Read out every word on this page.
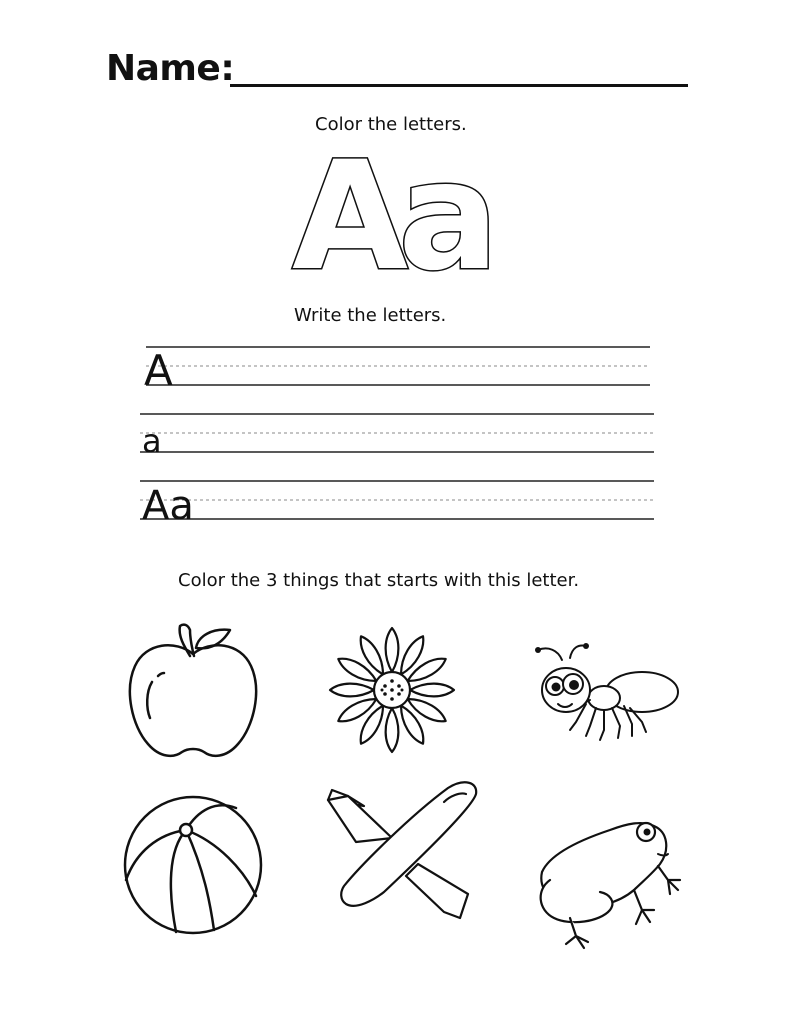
Name:
Color the letters.
A
a
Write the letters.
A
a
Aa
Color the 3 things that starts with this letter.
